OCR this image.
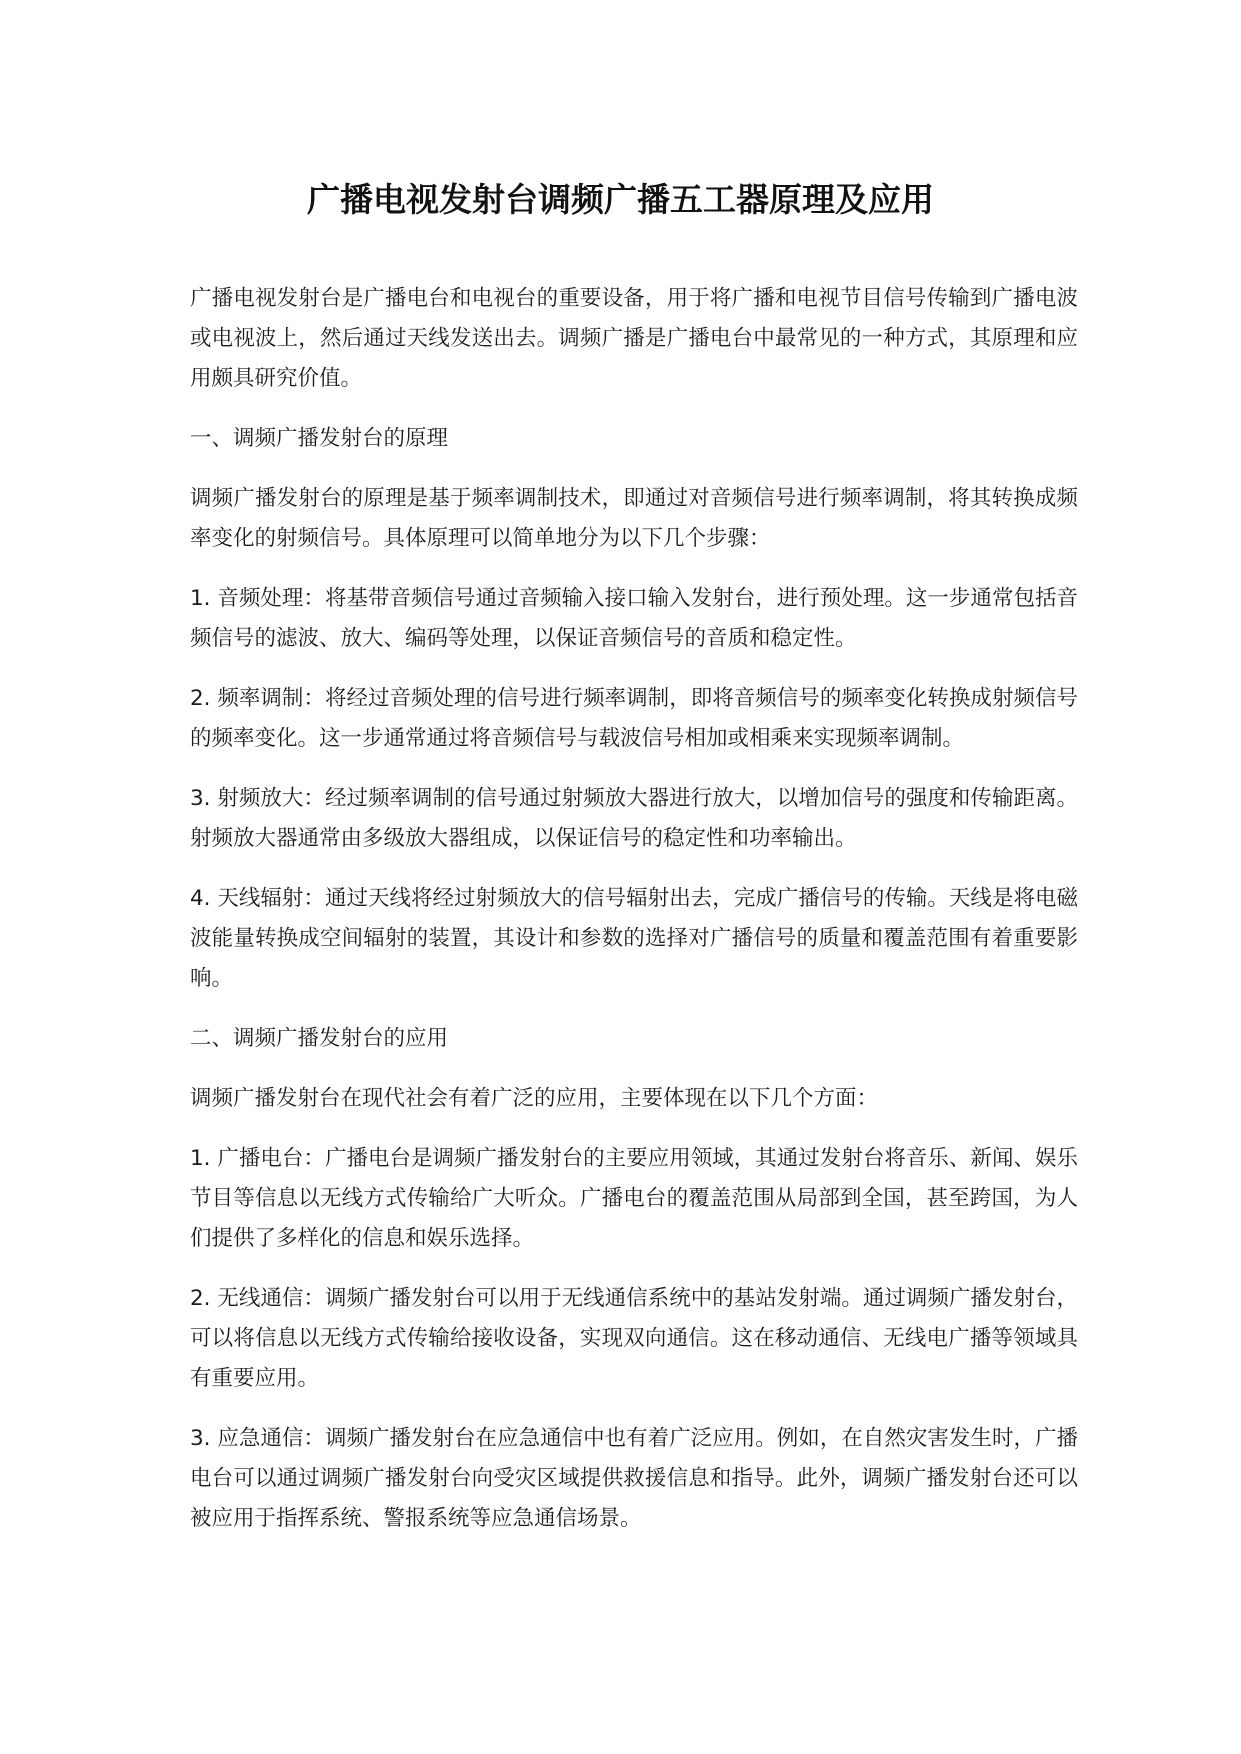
广播电视发射台调频广播五工器原理及应用

广播电视发射台是广播电台和电视台的重要设备，用于将广播和电视节目信号传输到广播电波或电视波上，然后通过天线发送出去。调频广播是广播电台中最常见的一种方式，其原理和应用颇具研究价值。

一、调频广播发射台的原理

调频广播发射台的原理是基于频率调制技术，即通过对音频信号进行频率调制，将其转换成频率变化的射频信号。具体原理可以简单地分为以下几个步骤：

1. 音频处理：将基带音频信号通过音频输入接口输入发射台，进行预处理。这一步通常包括音频信号的滤波、放大、编码等处理，以保证音频信号的音质和稳定性。

2. 频率调制：将经过音频处理的信号进行频率调制，即将音频信号的频率变化转换成射频信号的频率变化。这一步通常通过将音频信号与载波信号相加或相乘来实现频率调制。

3. 射频放大：经过频率调制的信号通过射频放大器进行放大，以增加信号的强度和传输距离。射频放大器通常由多级放大器组成，以保证信号的稳定性和功率输出。

4. 天线辐射：通过天线将经过射频放大的信号辐射出去，完成广播信号的传输。天线是将电磁波能量转换成空间辐射的装置，其设计和参数的选择对广播信号的质量和覆盖范围有着重要影响。

二、调频广播发射台的应用

调频广播发射台在现代社会有着广泛的应用，主要体现在以下几个方面：

1. 广播电台：广播电台是调频广播发射台的主要应用领域，其通过发射台将音乐、新闻、娱乐节目等信息以无线方式传输给广大听众。广播电台的覆盖范围从局部到全国，甚至跨国，为人们提供了多样化的信息和娱乐选择。

2. 无线通信：调频广播发射台可以用于无线通信系统中的基站发射端。通过调频广播发射台，可以将信息以无线方式传输给接收设备，实现双向通信。这在移动通信、无线电广播等领域具有重要应用。

3. 应急通信：调频广播发射台在应急通信中也有着广泛应用。例如，在自然灾害发生时，广播电台可以通过调频广播发射台向受灾区域提供救援信息和指导。此外，调频广播发射台还可以被应用于指挥系统、警报系统等应急通信场景。
